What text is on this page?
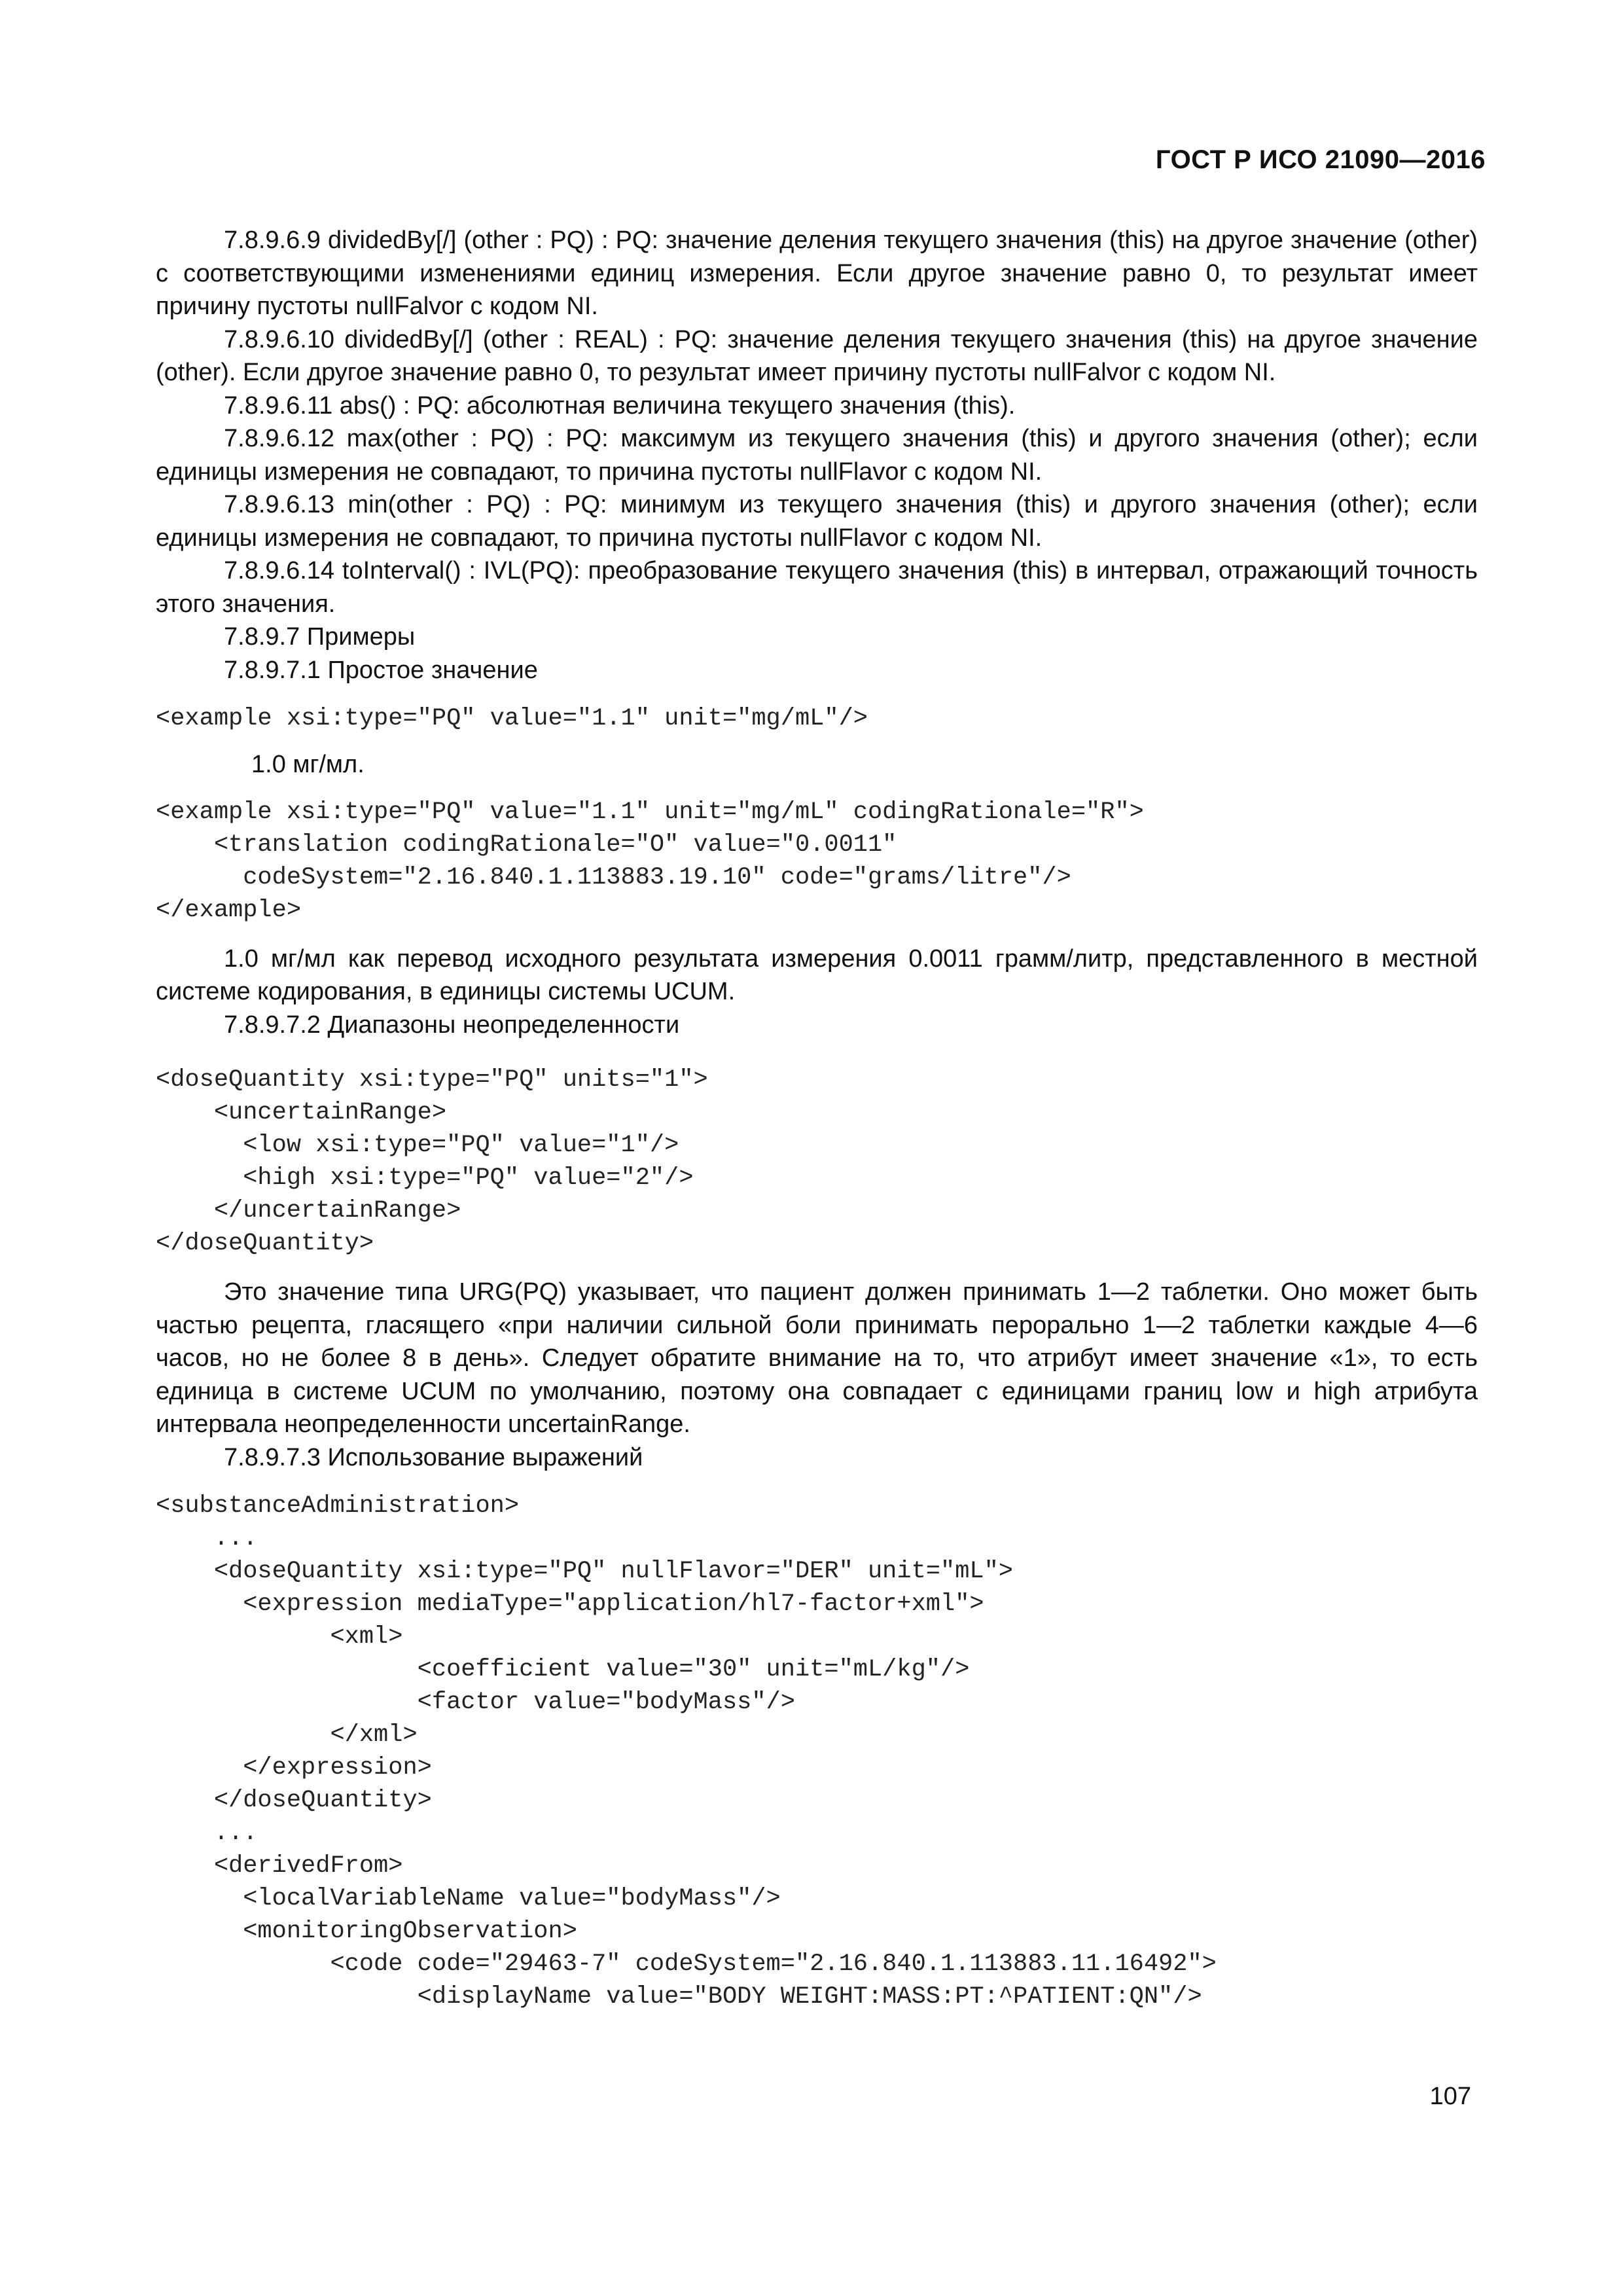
ГОСТ Р ИСО 21090—2016

7.8.9.6.9 dividedBy[/] (other : PQ) : PQ: значение деления текущего значения (this) на другое значение (other) с соответствующими изменениями единиц измерения. Если другое значение равно 0, то результат имеет причину пустоты nullFalvor с кодом NI.

7.8.9.6.10 dividedBy[/] (other : REAL) : PQ: значение деления текущего значения (this) на другое значение (other). Если другое значение равно 0, то результат имеет причину пустоты nullFalvor с кодом NI.

7.8.9.6.11 abs() : PQ: абсолютная величина текущего значения (this).

7.8.9.6.12 max(other : PQ) : PQ: максимум из текущего значения (this) и другого значения (other); если единицы измерения не совпадают, то причина пустоты nullFlavor с кодом NI.

7.8.9.6.13 min(other : PQ) : PQ: минимум из текущего значения (this) и другого значения (other); если единицы измерения не совпадают, то причина пустоты nullFlavor с кодом NI.

7.8.9.6.14 toInterval() : IVL(PQ): преобразование текущего значения (this) в интервал, отражающий точность этого значения.

7.8.9.7 Примеры

7.8.9.7.1 Простое значение

<example xsi:type="PQ" value="1.1" unit="mg/mL"/>

1.0 мг/мл.

<example xsi:type="PQ" value="1.1" unit="mg/mL" codingRationale="R">
<translation codingRationale="O" value="0.0011"
codeSystem="2.16.840.1.113883.19.10" code="grams/litre"/>
</example>

1.0 мг/мл как перевод исходного результата измерения 0.0011 грамм/литр, представленного в местной системе кодирования, в единицы системы UCUM.

7.8.9.7.2 Диапазоны неопределенности

<doseQuantity xsi:type="PQ" units="1">
<uncertainRange>
<low xsi:type="PQ" value="1"/>
<high xsi:type="PQ" value="2"/>
</uncertainRange>
</doseQuantity>

Это значение типа URG(PQ) указывает, что пациент должен принимать 1—2 таблетки. Оно может быть частью рецепта, гласящего «при наличии сильной боли принимать перорально 1—2 таблетки каждые 4—6 часов, но не более 8 в день». Следует обратите внимание на то, что атрибут имеет значение «1», то есть единица в системе UCUM по умолчанию, поэтому она совпадает с единицами границ low и high атрибута интервала неопределенности uncertainRange.

7.8.9.7.3 Использование выражений

<substanceAdministration>
...
<doseQuantity xsi:type="PQ" nullFlavor="DER" unit="mL">
<expression mediaType="application/hl7-factor+xml">
<xml>
<coefficient value="30" unit="mL/kg"/>
<factor value="bodyMass"/>
</xml>
</expression>
</doseQuantity>
...
<derivedFrom>
<localVariableName value="bodyMass"/>
<monitoringObservation>
<code code="29463-7" codeSystem="2.16.840.1.113883.11.16492">
<displayName value="BODY WEIGHT:MASS:PT:^PATIENT:QN"/>
107
